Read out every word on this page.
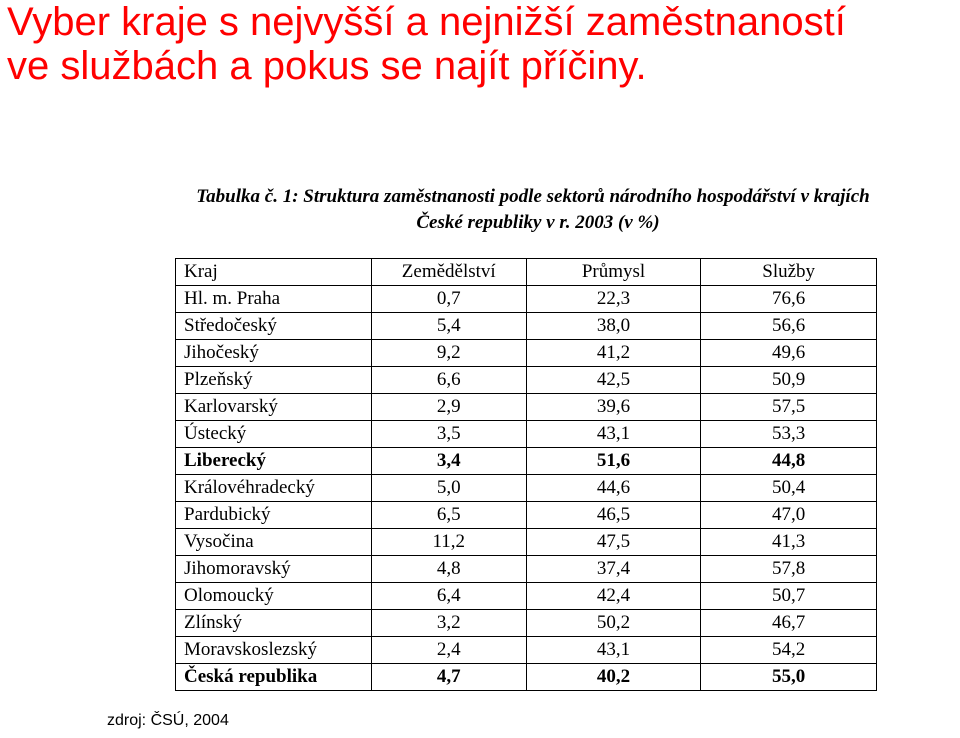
Vyber kraje s nejvyšší a nejnižší zaměstnaností
ve službách a pokus se najít příčiny.
Tabulka č. 1: Struktura zaměstnanosti podle sektorů národního hospodářství v krajích
České republiky v r. 2003 (v %)
Kraj	Zemědělství	Průmysl	Služby
Hl. m. Praha	0,7	22,3	76,6
Středočeský	5,4	38,0	56,6
Jihočeský	9,2	41,2	49,6
Plzeňský	6,6	42,5	50,9
Karlovarský	2,9	39,6	57,5
Ústecký	3,5	43,1	53,3
Liberecký	3,4	51,6	44,8
Královéhradecký	5,0	44,6	50,4
Pardubický	6,5	46,5	47,0
Vysočina	11,2	47,5	41,3
Jihomoravský	4,8	37,4	57,8
Olomoucký	6,4	42,4	50,7
Zlínský	3,2	50,2	46,7
Moravskoslezský	2,4	43,1	54,2
Česká republika	4,7	40,2	55,0
zdroj: ČSÚ, 2004
